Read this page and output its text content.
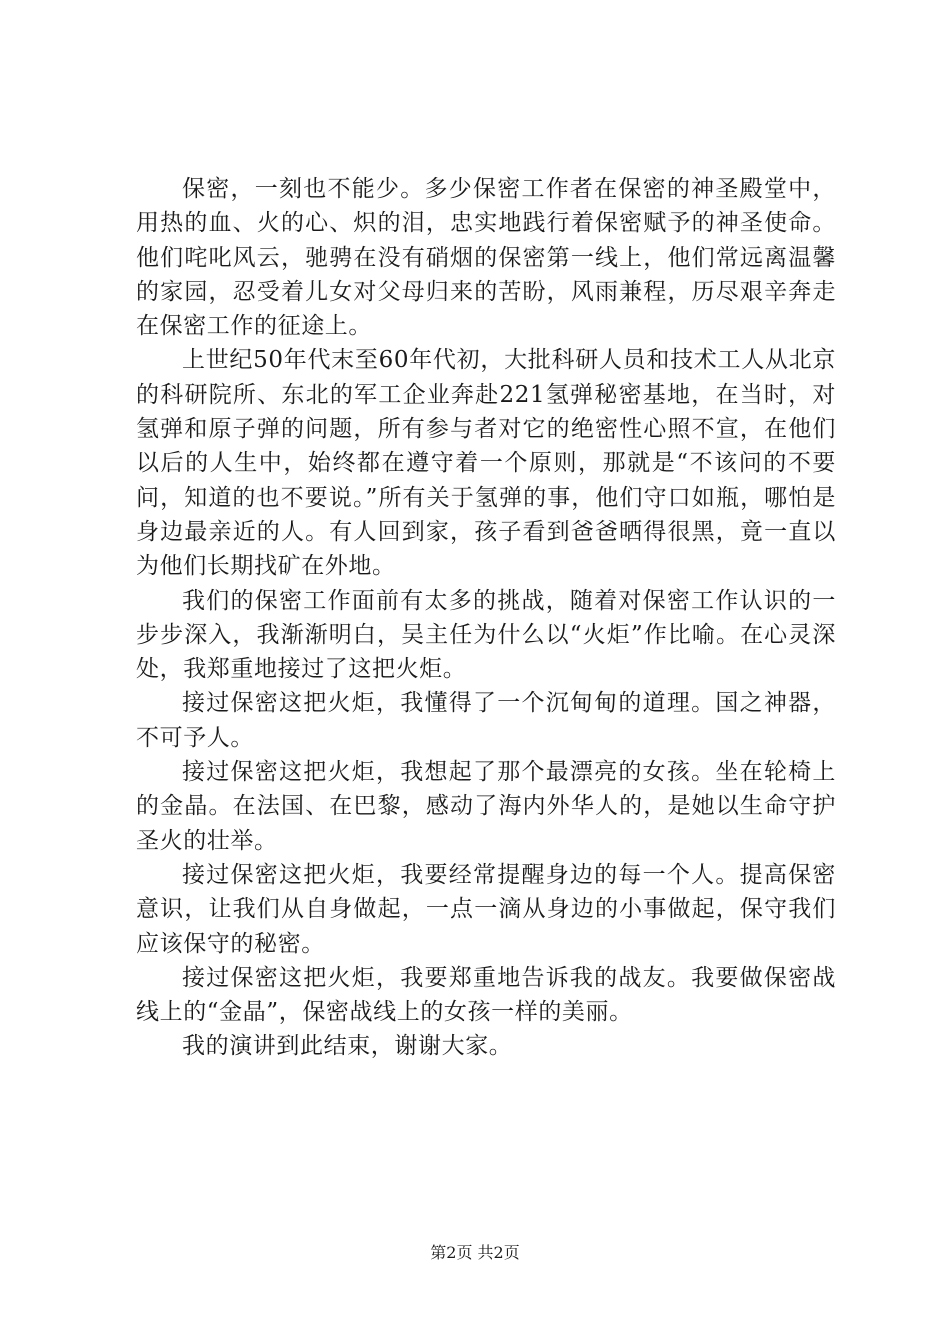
保密，一刻也不能少。多少保密工作者在保密的神圣殿堂中，用热的血、火的心、炽的泪，忠实地践行着保密赋予的神圣使命。他们咤叱风云，驰骋在没有硝烟的保密第一线上，他们常远离温馨的家园，忍受着儿女对父母归来的苦盼，风雨兼程，历尽艰辛奔走在保密工作的征途上。

上世纪50年代末至60年代初，大批科研人员和技术工人从北京的科研院所、东北的军工企业奔赴221氢弹秘密基地，在当时，对氢弹和原子弹的问题，所有参与者对它的绝密性心照不宣，在他们以后的人生中，始终都在遵守着一个原则，那就是“不该问的不要问，知道的也不要说。”所有关于氢弹的事，他们守口如瓶，哪怕是身边最亲近的人。有人回到家，孩子看到爸爸晒得很黑，竟一直以为他们长期找矿在外地。

我们的保密工作面前有太多的挑战，随着对保密工作认识的一步步深入，我渐渐明白，吴主任为什么以“火炬”作比喻。在心灵深处，我郑重地接过了这把火炬。

接过保密这把火炬，我懂得了一个沉甸甸的道理。国之神器，不可予人。

接过保密这把火炬，我想起了那个最漂亮的女孩。坐在轮椅上的金晶。在法国、在巴黎，感动了海内外华人的，是她以生命守护圣火的壮举。

接过保密这把火炬，我要经常提醒身边的每一个人。提高保密意识，让我们从自身做起，一点一滴从身边的小事做起，保守我们应该保守的秘密。

接过保密这把火炬，我要郑重地告诉我的战友。我要做保密战线上的“金晶”，保密战线上的女孩一样的美丽。

我的演讲到此结束，谢谢大家。

第2页 共2页
